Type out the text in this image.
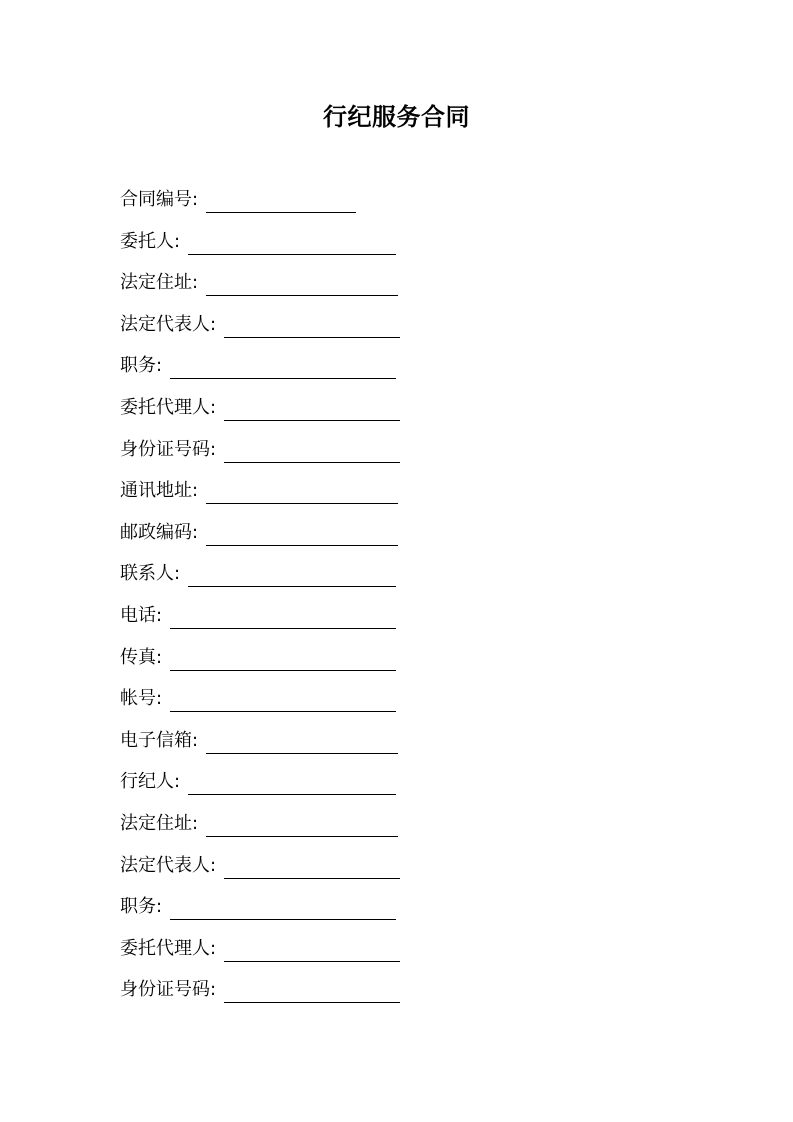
行纪服务合同
合同编号:
委托人:
法定住址:
法定代表人:
职务:
委托代理人:
身份证号码:
通讯地址:
邮政编码:
联系人:
电话:
传真:
帐号:
电子信箱:
行纪人:
法定住址:
法定代表人:
职务:
委托代理人:
身份证号码:
